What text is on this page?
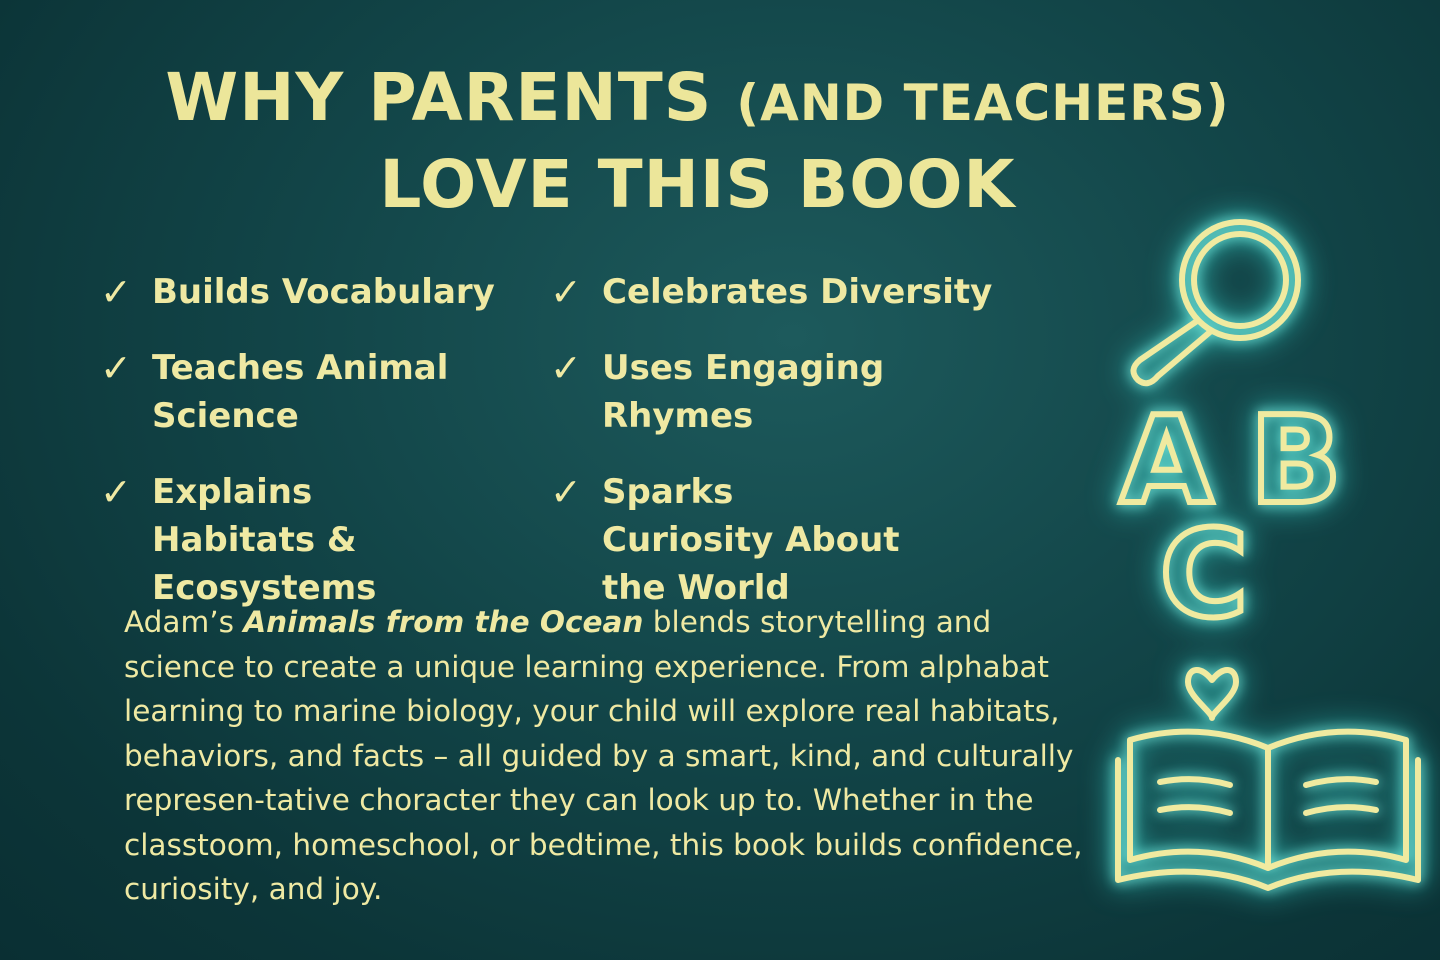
WHY PARENTS (AND TEACHERS)
LOVE THIS BOOK
✓ Builds Vocabulary
✓ Teaches Animal Science
✓ Explains Habitats & Ecosystems
✓ Celebrates Diversity
✓ Uses Engaging Rhymes
✓ Sparks Curiosity About the World
Adam’s Animals from the Ocean blends storytelling and science to create a unique learning experience. From alphabat learning to marine biology, your child will explore real habitats, behaviors, and facts – all guided by a smart, kind, and culturally represen-tative choracter they can look up to. Whether in the classtoom, homeschool, or bedtime, this book builds confidence, curiosity, and joy.
A B
C
